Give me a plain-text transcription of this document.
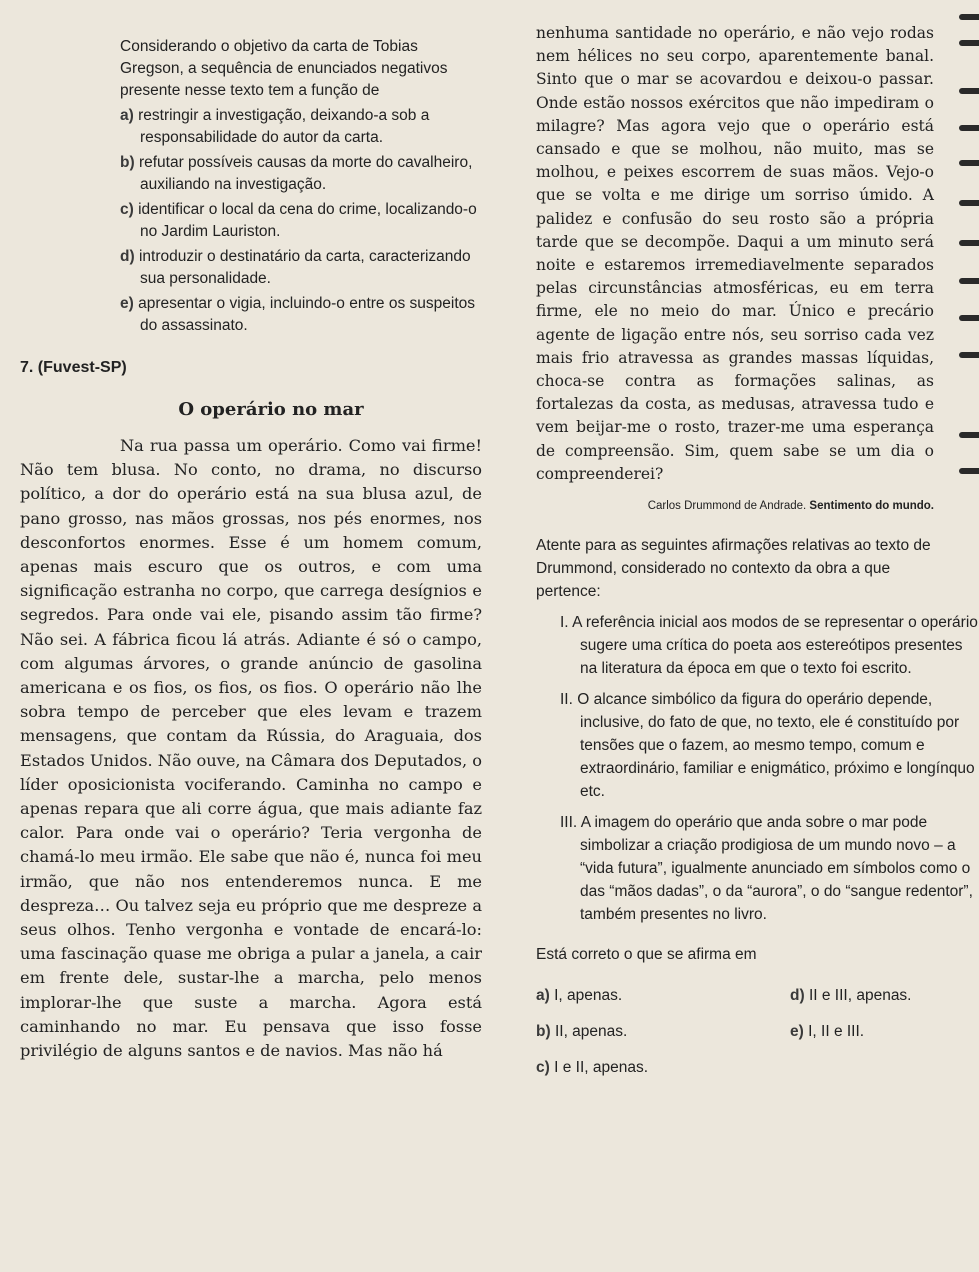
Considerando o objetivo da carta de Tobias Gregson, a sequência de enunciados negativos presente nesse texto tem a função de
a) restringir a investigação, deixando-a sob a responsabilidade do autor da carta.
b) refutar possíveis causas da morte do cavalheiro, auxiliando na investigação.
c) identificar o local da cena do crime, localizando-o no Jardim Lauriston.
d) introduzir o destinatário da carta, caracterizando sua personalidade.
e) apresentar o vigia, incluindo-o entre os suspeitos do assassinato.
7. (Fuvest-SP)
O operário no mar

Na rua passa um operário. Como vai firme! Não tem blusa. No conto, no drama, no discurso político, a dor do operário está na sua blusa azul, de pano grosso, nas mãos grossas, nos pés enormes, nos desconfortos enormes. Esse é um homem comum, apenas mais escuro que os outros, e com uma significação estranha no corpo, que carrega desígnios e segredos. Para onde vai ele, pisando assim tão firme? Não sei. A fábrica ficou lá atrás. Adiante é só o campo, com algumas árvores, o grande anúncio de gasolina americana e os fios, os fios, os fios. O operário não lhe sobra tempo de perceber que eles levam e trazem mensagens, que contam da Rússia, do Araguaia, dos Estados Unidos. Não ouve, na Câmara dos Deputados, o líder oposicionista vociferando. Caminha no campo e apenas repara que ali corre água, que mais adiante faz calor. Para onde vai o operário? Teria vergonha de chamá-lo meu irmão. Ele sabe que não é, nunca foi meu irmão, que não nos entenderemos nunca. E me despreza… Ou talvez seja eu próprio que me despreze a seus olhos. Tenho vergonha e vontade de encará-lo: uma fascinação quase me obriga a pular a janela, a cair em frente dele, sustar-lhe a marcha, pelo menos implorar-lhe que suste a marcha. Agora está caminhando no mar. Eu pensava que isso fosse privilégio de alguns santos e de navios. Mas não há

nenhuma santidade no operário, e não vejo rodas nem hélices no seu corpo, aparentemente banal. Sinto que o mar se acovardou e deixou-o passar. Onde estão nossos exércitos que não impediram o milagre? Mas agora vejo que o operário está cansado e que se molhou, não muito, mas se molhou, e peixes escorrem de suas mãos. Vejo-o que se volta e me dirige um sorriso úmido. A palidez e confusão do seu rosto são a própria tarde que se decompõe. Daqui a um minuto será noite e estaremos irremediavelmente separados pelas circunstâncias atmosféricas, eu em terra firme, ele no meio do mar. Único e precário agente de ligação entre nós, seu sorriso cada vez mais frio atravessa as grandes massas líquidas, choca-se contra as formações salinas, as fortalezas da costa, as medusas, atravessa tudo e vem beijar-me o rosto, trazer-me uma esperança de compreensão. Sim, quem sabe se um dia o compreenderei?

Carlos Drummond de Andrade. Sentimento do mundo.
Atente para as seguintes afirmações relativas ao texto de Drummond, considerado no contexto da obra a que pertence:
I. A referência inicial aos modos de se representar o operário sugere uma crítica do poeta aos estereótipos presentes na literatura da época em que o texto foi escrito.
II. O alcance simbólico da figura do operário depende, inclusive, do fato de que, no texto, ele é constituído por tensões que o fazem, ao mesmo tempo, comum e extraordinário, familiar e enigmático, próximo e longínquo etc.
III. A imagem do operário que anda sobre o mar pode simbolizar a criação prodigiosa de um mundo novo – a “vida futura”, igualmente anunciado em símbolos como o das “mãos dadas”, o da “aurora”, o do “sangue redentor”, também presentes no livro.
Está correto o que se afirma em
a) I, apenas.
b) II, apenas.
c) I e II, apenas.
d) II e III, apenas.
e) I, II e III.
